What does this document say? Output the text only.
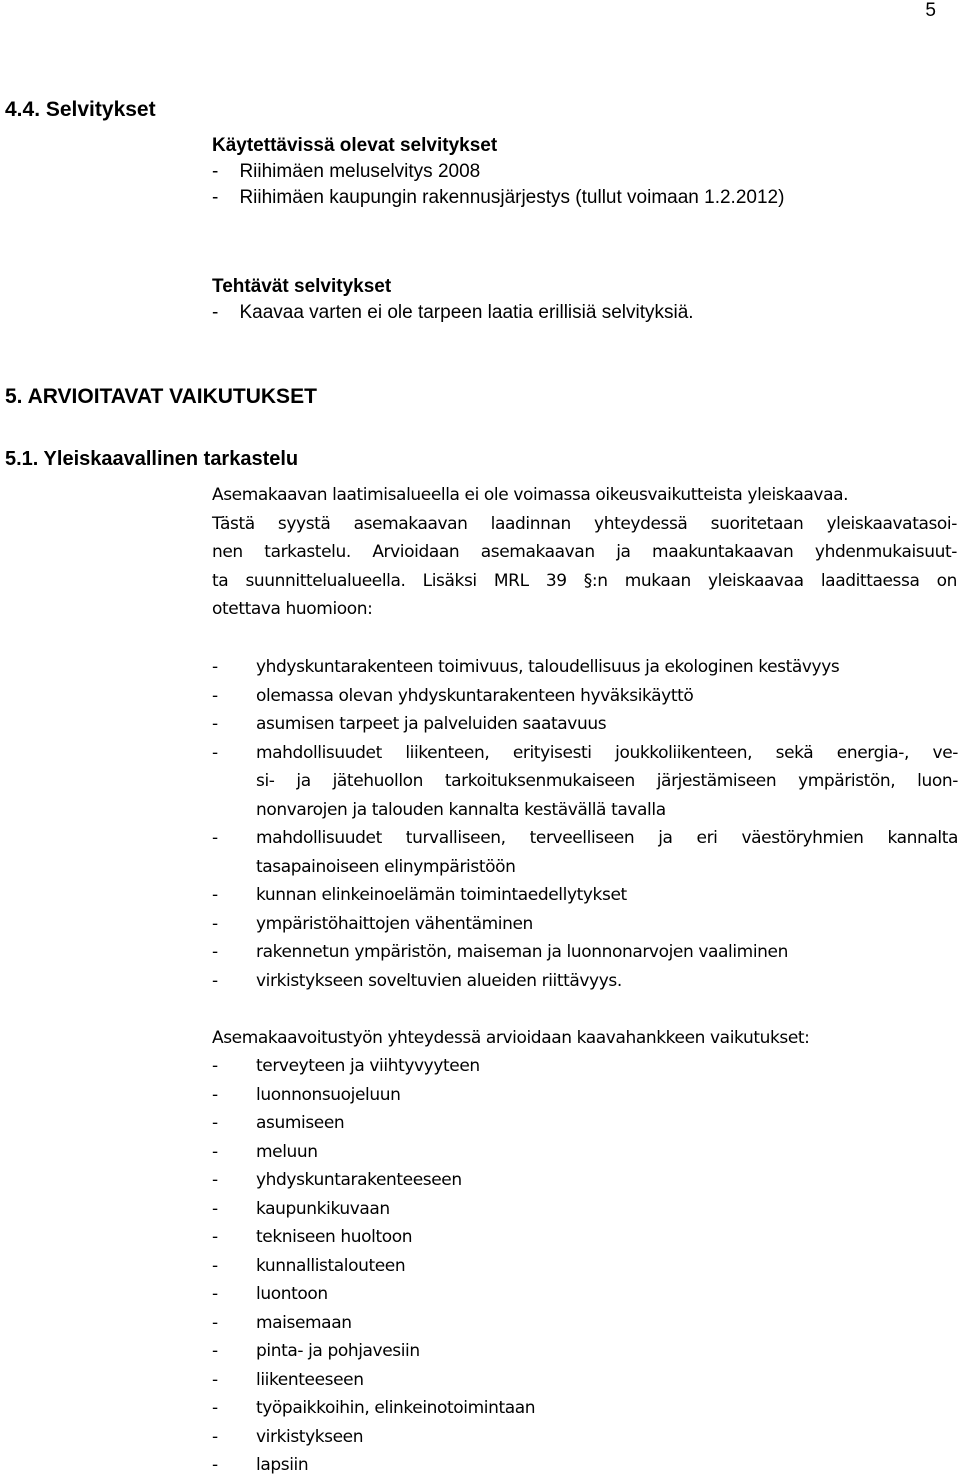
5
4.4. Selvitykset
Käytettävissä olevat selvitykset
-    Riihimäen meluselvitys 2008
-    Riihimäen kaupungin rakennusjärjestys (tullut voimaan 1.2.2012)
Tehtävät selvitykset
-    Kaavaa varten ei ole tarpeen laatia erillisiä selvityksiä.
5. ARVIOITAVAT VAIKUTUKSET
5.1. Yleiskaavallinen tarkastelu
Asemakaavan laatimisalueella ei ole voimassa oikeusvaikutteista yleiskaavaa.
Tästä syystä asemakaavan laadinnan yhteydessä suoritetaan yleiskaavatasoi-
nen tarkastelu. Arvioidaan asemakaavan ja maakuntakaavan yhdenmukaisuut-
ta suunnittelualueella. Lisäksi MRL 39 §:n mukaan yleiskaavaa laadittaessa on
otettava huomioon:
- yhdyskuntarakenteen toimivuus, taloudellisuus ja ekologinen kestävyys
- olemassa olevan yhdyskuntarakenteen hyväksikäyttö
- asumisen tarpeet ja palveluiden saatavuus
- mahdollisuudet liikenteen, erityisesti joukkoliikenteen, sekä energia-, ve-
si- ja jätehuollon tarkoituksenmukaiseen järjestämiseen ympäristön, luon-
nonvarojen ja talouden kannalta kestävällä tavalla
- mahdollisuudet turvalliseen, terveelliseen ja eri väestöryhmien kannalta
tasapainoiseen elinympäristöön
- kunnan elinkeinoelämän toimintaedellytykset
- ympäristöhaittojen vähentäminen
- rakennetun ympäristön, maiseman ja luonnonarvojen vaaliminen
- virkistykseen soveltuvien alueiden riittävyys.
Asemakaavoitustyön yhteydessä arvioidaan kaavahankkeen vaikutukset:
- terveyteen ja viihtyvyyteen
- luonnonsuojeluun
- asumiseen
- meluun
- yhdyskuntarakenteeseen
- kaupunkikuvaan
- tekniseen huoltoon
- kunnallistalouteen
- luontoon
- maisemaan
- pinta- ja pohjavesiin
- liikenteeseen
- työpaikkoihin, elinkeinotoimintaan
- virkistykseen
- lapsiin
